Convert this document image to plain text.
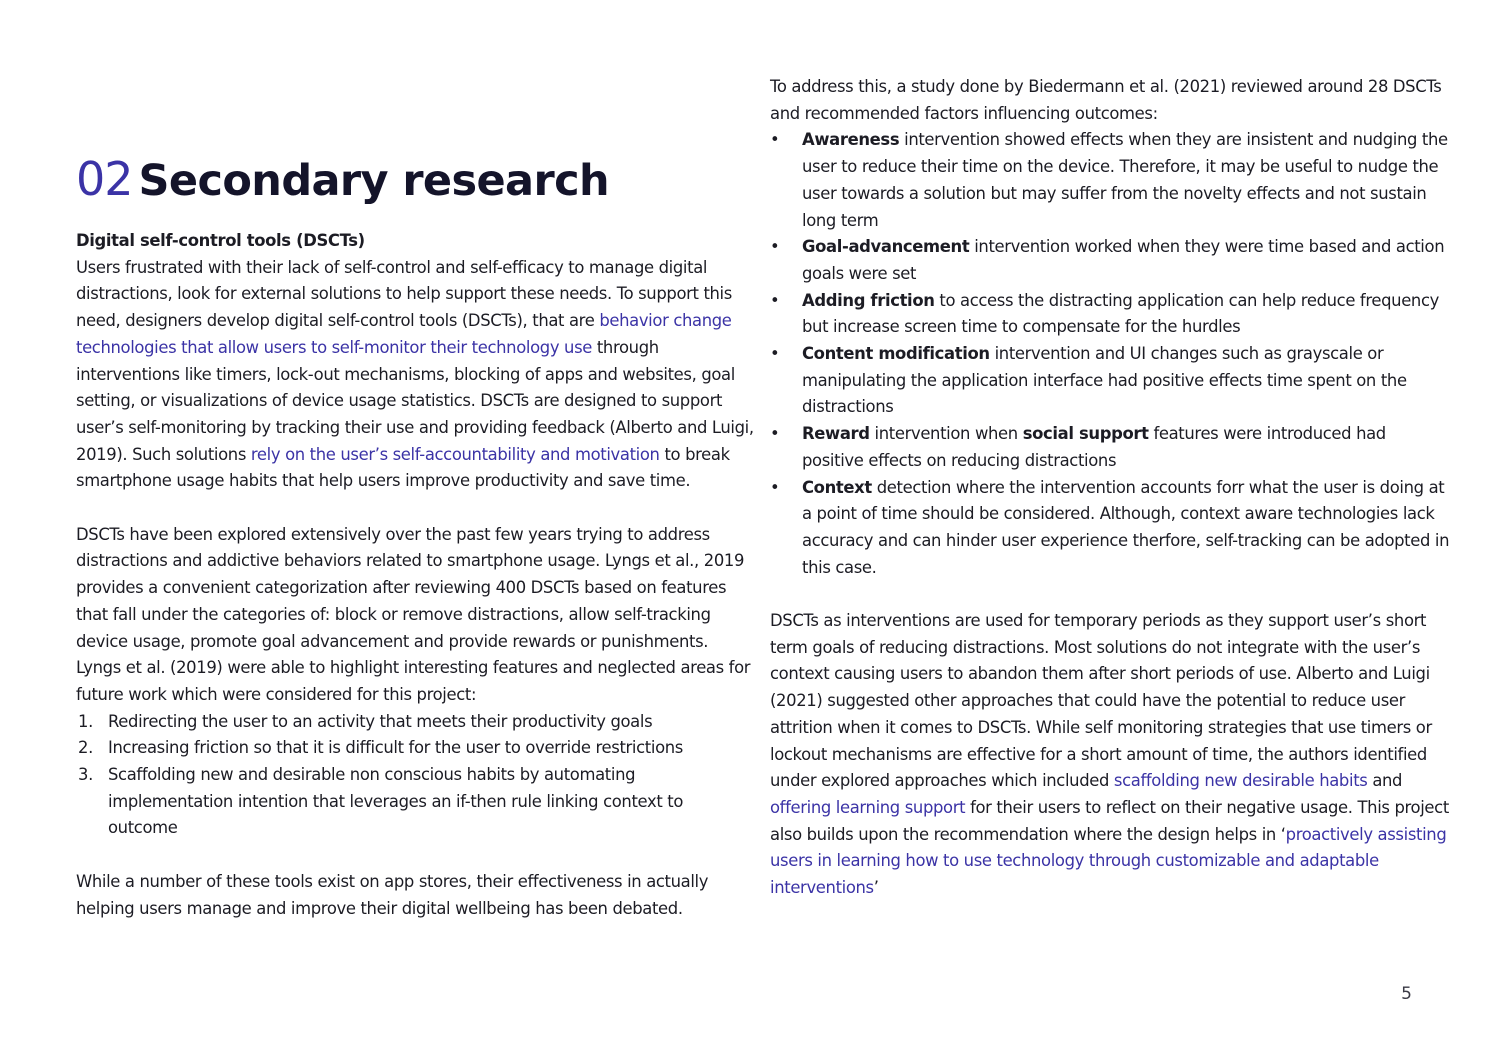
02 Secondary research

Digital self-control tools (DSCTs)

Users frustrated with their lack of self-control and self-efficacy to manage digital distractions, look for external solutions to help support these needs. To support this need, designers develop digital self-control tools (DSCTs), that are behavior change technologies that allow users to self-monitor their technology use through interventions like timers, lock-out mechanisms, blocking of apps and websites, goal setting, or visualizations of device usage statistics. DSCTs are designed to support user’s self-monitoring by tracking their use and providing feedback (Alberto and Luigi, 2019). Such solutions rely on the user’s self-accountability and motivation to break smartphone usage habits that help users improve productivity and save time.

DSCTs have been explored extensively over the past few years trying to address distractions and addictive behaviors related to smartphone usage. Lyngs et al., 2019 provides a convenient categorization after reviewing 400 DSCTs based on features that fall under the categories of: block or remove distractions, allow self-tracking device usage, promote goal advancement and provide rewards or punishments. Lyngs et al. (2019) were able to highlight interesting features and neglected areas for future work which were considered for this project:

1. Redirecting the user to an activity that meets their productivity goals
2. Increasing friction so that it is difficult for the user to override restrictions
3. Scaffolding new and desirable non conscious habits by automating implementation intention that leverages an if-then rule linking context to outcome

While a number of these tools exist on app stores, their effectiveness in actually helping users manage and improve their digital wellbeing has been debated.

To address this, a study done by Biedermann et al. (2021) reviewed around 28 DSCTs and recommended factors influencing outcomes:

• Awareness intervention showed effects when they are insistent and nudging the user to reduce their time on the device. Therefore, it may be useful to nudge the user towards a solution but may suffer from the novelty effects and not sustain long term
• Goal-advancement intervention worked when they were time based and action goals were set
• Adding friction to access the distracting application can help reduce frequency but increase screen time to compensate for the hurdles
• Content modification intervention and UI changes such as grayscale or manipulating the application interface had positive effects time spent on the distractions
• Reward intervention when social support features were introduced had positive effects on reducing distractions
• Context detection where the intervention accounts forr what the user is doing at a point of time should be considered. Although, context aware technologies lack accuracy and can hinder user experience therfore, self-tracking can be adopted in this case.

DSCTs as interventions are used for temporary periods as they support user’s short term goals of reducing distractions. Most solutions do not integrate with the user’s context causing users to abandon them after short periods of use. Alberto and Luigi (2021) suggested other approaches that could have the potential to reduce user attrition when it comes to DSCTs. While self monitoring strategies that use timers or lockout mechanisms are effective for a short amount of time, the authors identified under explored approaches which included scaffolding new desirable habits and offering learning support for their users to reflect on their negative usage. This project also builds upon the recommendation where the design helps in ‘proactively assisting users in learning how to use technology through customizable and adaptable interventions’

5
